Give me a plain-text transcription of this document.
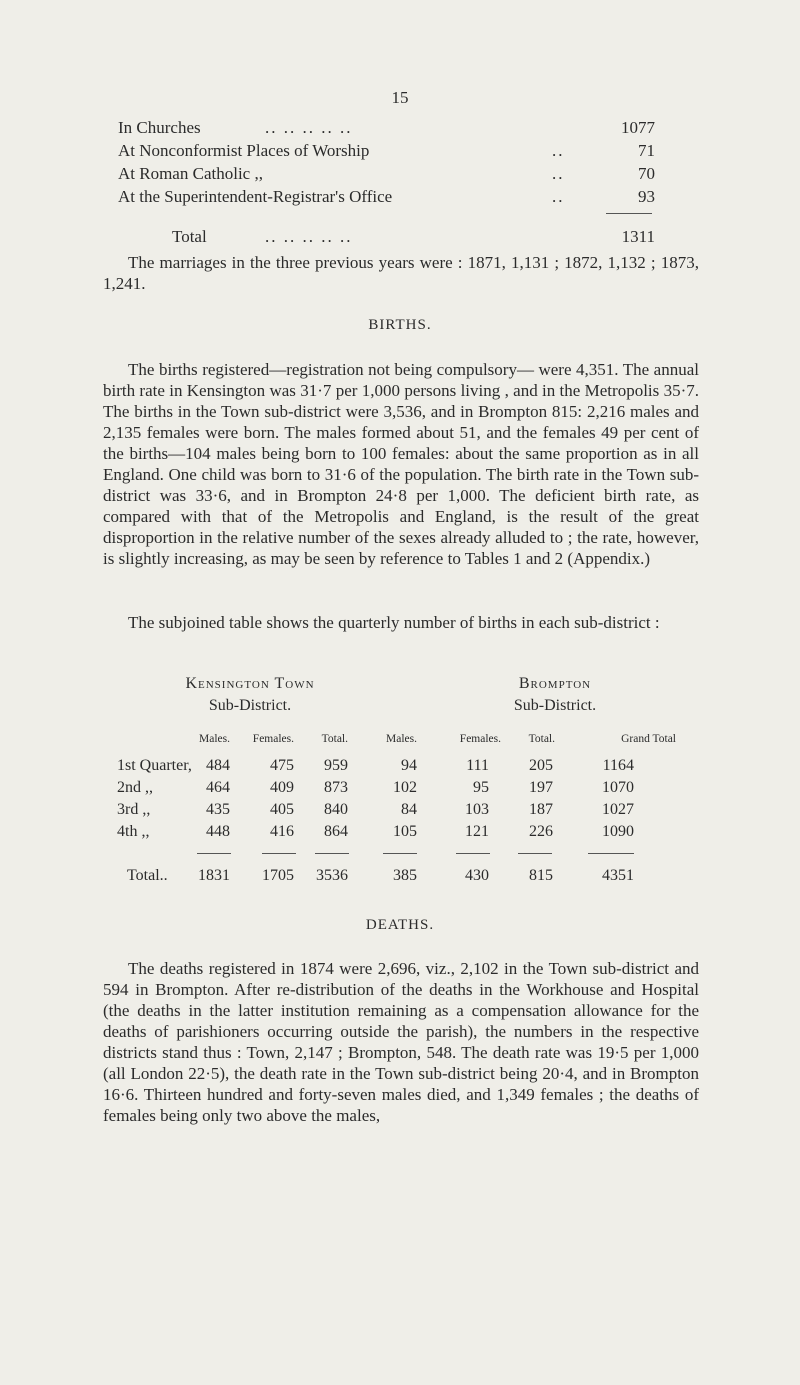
15
In Churches	.. .. .. .. ..	1077
At Nonconformist Places of Worship	..	71
At Roman Catholic ,,	..	70
At the Superintendent-Registrar's Office	..	93
Total	.. .. .. .. ..	1311
The marriages in the three previous years were : 1871, 1,131 ; 1872, 1,132 ; 1873, 1,241.
BIRTHS.
The births registered—registration not being compulsory— were 4,351. The annual birth rate in Kensington was 31·7 per 1,000 persons living , and in the Metropolis 35·7. The births in the Town sub-district were 3,536, and in Brompton 815: 2,216 males and 2,135 females were born. The males formed about 51, and the females 49 per cent of the births—104 males being born to 100 females: about the same proportion as in all England. One child was born to 31·6 of the population. The birth rate in the Town sub-district was 33·6, and in Brompton 24·8 per 1,000. The deficient birth rate, as compared with that of the Metropolis and England, is the result of the great disproportion in the relative number of the sexes already alluded to ; the rate, however, is slightly increasing, as may be seen by reference to Tables 1 and 2 (Appendix.)
The subjoined table shows the quarterly number of births in each sub-district :
Kensington Town
Sub-District.
Brompton
Sub-District.
Males.	Females.	Total.	Males.	Females.	Total.	Grand Total
1st Quarter, 484	475	959	94	111	205	1164
2nd ,,	464	409	873	102	95	197	1070
3rd ,,	435	405	840	84	103	187	1027
4th ,,	448	416	864	105	121	226	1090
Total..	1831	1705	3536	385	430	815	4351
DEATHS.
The deaths registered in 1874 were 2,696, viz., 2,102 in the Town sub-district and 594 in Brompton. After re-distribution of the deaths in the Workhouse and Hospital (the deaths in the latter institution remaining as a compensation allowance for the deaths of parishioners occurring outside the parish), the numbers in the respective districts stand thus : Town, 2,147 ; Brompton, 548. The death rate was 19·5 per 1,000 (all London 22·5), the death rate in the Town sub-district being 20·4, and in Brompton 16·6. Thirteen hundred and forty-seven males died, and 1,349 females ; the deaths of females being only two above the males,
